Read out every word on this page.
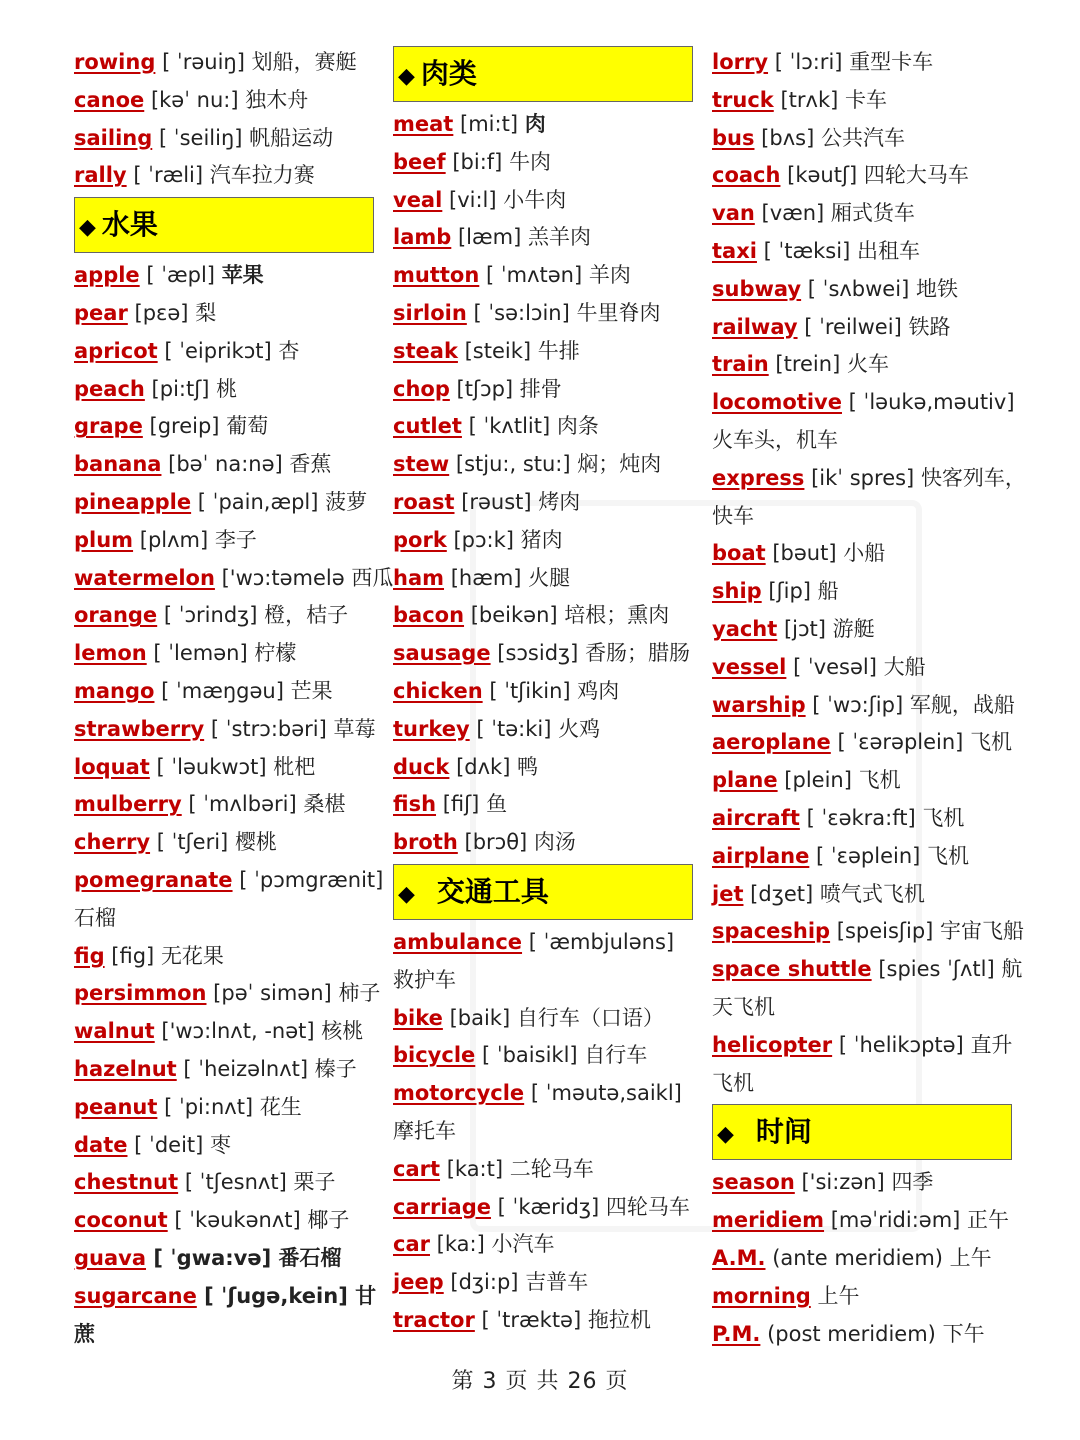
rowing [ ˈrəuiŋ] 划船，赛艇
canoe [kəˈ nu:] 独木舟
sailing [ ˈseiliŋ] 帆船运动
rally [ ˈræli] 汽车拉力赛
◆ 水果
apple [ ˈæpl] 苹果
pear [pɛə] 梨
apricot [ ˈeiprikɔt] 杏
peach [pi:tʃ] 桃
grape [greip] 葡萄
banana [bəˈ na:nə] 香蕉
pineapple [ ˈpain,æpl] 菠萝
plum [plʌm] 李子
watermelon ['wɔ:təmelə 西瓜
orange [ ˈɔrindʒ] 橙，桔子
lemon [ ˈlemən] 柠檬
mango [ ˈmæŋgəu] 芒果
strawberry [ ˈstrɔ:bəri] 草莓
loquat [ ˈləukwɔt] 枇杷
mulberry [ ˈmʌlbəri] 桑椹
cherry [ ˈtʃeri] 樱桃
pomegranate [ ˈpɔmgrænit]
石榴
fig [fig] 无花果
persimmon [pəˈ simən] 柿子
walnut ['wɔ:lnʌt, -nət] 核桃
hazelnut [ ˈheizəlnʌt] 榛子
peanut [ ˈpi:nʌt] 花生
date [ ˈdeit] 枣
chestnut [ ˈtʃesnʌt] 栗子
coconut [ ˈkəukənʌt] 椰子
guava [ ˈgwa:və] 番石榴
sugarcane [ ˈʃugə,kein] 甘
蔗
◆ 肉类
meat [mi:t] 肉
beef [bi:f] 牛肉
veal [vi:l] 小牛肉
lamb [læm] 羔羊肉
mutton [ ˈmʌtən] 羊肉
sirloin [ ˈsə:lɔin] 牛里脊肉
steak [steik] 牛排
chop [tʃɔp] 排骨
cutlet [ ˈkʌtlit] 肉条
stew [stju:, stu:] 焖；炖肉
roast [rəust] 烤肉
pork [pɔ:k] 猪肉
ham [hæm] 火腿
bacon [beikən] 培根；熏肉
sausage [sɔsidʒ] 香肠；腊肠
chicken [ ˈtʃikin] 鸡肉
turkey [ ˈtə:ki] 火鸡
duck [dʌk] 鸭
fish [fiʃ] 鱼
broth [brɔθ] 肉汤
◆ 交通工具
ambulance [ ˈæmbjuləns]
救护车
bike [baik] 自行车（口语）
bicycle [ ˈbaisikl] 自行车
motorcycle [ ˈməutə,saikl]
摩托车
cart [ka:t] 二轮马车
carriage [ ˈkæridʒ] 四轮马车
car [ka:] 小汽车
jeep [dʒi:p] 吉普车
tractor [ ˈtræktə] 拖拉机
lorry [ ˈlɔ:ri] 重型卡车
truck [trʌk] 卡车
bus [bʌs] 公共汽车
coach [kəutʃ] 四轮大马车
van [væn] 厢式货车
taxi [ ˈtæksi] 出租车
subway [ ˈsʌbwei] 地铁
railway [ ˈreilwei] 铁路
train [trein] 火车
locomotive [ ˈləukə,məutiv]
火车头，机车
express [ikˈ spres] 快客列车，
快车
boat [bəut] 小船
ship [ʃip] 船
yacht [jɔt] 游艇
vessel [ ˈvesəl] 大船
warship [ ˈwɔ:ʃip] 军舰，战船
aeroplane [ ˈɛərəplein] 飞机
plane [plein] 飞机
aircraft [ ˈɛəkra:ft] 飞机
airplane [ ˈɛəplein] 飞机
jet [dʒet] 喷气式飞机
spaceship [speisʃip] 宇宙飞船
space shuttle [spies ˈʃʌtl] 航
天飞机
helicopter [ ˈhelikɔptə] 直升
飞机
◆ 时间
season ['si:zən] 四季
meridiem [məˈridi:əm] 正午
A.M. (ante meridiem) 上午
morning 上午
P.M. (post meridiem) 下午
第 3 页 共 26 页
